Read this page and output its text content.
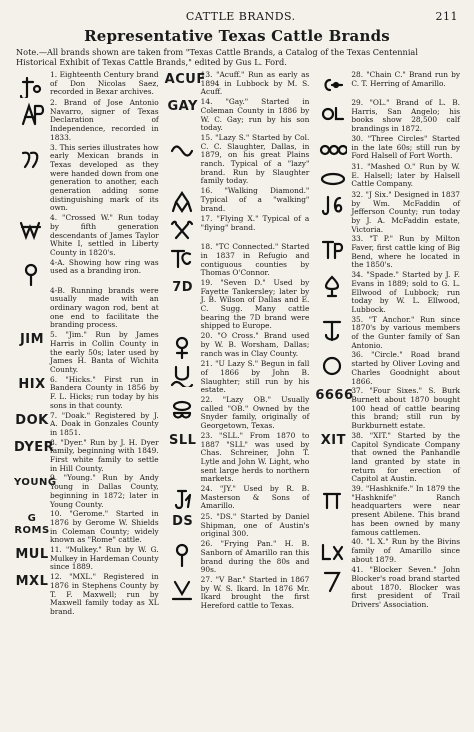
CATTLE BRANDS.	211
Representative Texas Cattle Brands
Note.—All brands shown are taken from "Texas Cattle Brands, a Catalog of the Texas Centennial Historical Exhibit of Texas Cattle Brands," edited by Gus L. Ford.
1. Eighteenth Century brand of Don Nicolas Saez, recorded in Bexar archives.
2. Brand of Jose Antonio Navarro, signer of Texas Declaration of Independence, recorded in 1833.
3. This series illustrates how early Mexican brands in Texas developed as they were handed down from one generation to another, each generation adding some distinguishing mark of its own.
4. "Crossed W." Run today by fifth generation descendants of James Taylor White I, settled in Liberty County in 1820's.
4-A. Showing how ring was used as a branding iron.
4-B. Running brands were usually made with an ordinary wagon rod, bent at one end to facilitate the branding process.
JIM 5. "Jim." Run by James Harris in Collin County in the early 50s; later used by James H. Banta of Wichita County.
HIX 6. "Hicks." First run in Bandera County in 1856 by F. L. Hicks; run today by his sons in that county.
DOK 7. "Doak." Registered by J. A. Doak in Gonzales County in 1851.
DYER
8. "Dyer." Run by J. H. Dyer family, beginning with 1849. First white family to settle in Hill County.
YOUNG
9. "Young." Run by Andy Young in Dallas County, beginning in 1872; later in Young County.
G ROMS
10. "Gerome." Started in 1876 by Gerome W. Shields in Coleman County; widely known as "Rome" cattle.
MUL 11. "Mulkey." Run by W. G. Mulkey in Hardeman County since 1889.
MXL 12. "MXL." Registered in 1876 in Stephens County by T. F. Maxwell; run by Maxwell family today as XL brand.
ACUF
13. "Acuff." Run as early as 1894 in Lubbock by M. S. Acuff.
GAY 14. "Gay." Started in Coleman County in 1886 by W. C. Gay; run by his son today.
15. "Lazy S." Started by Col. C. C. Slaughter, Dallas, in 1879, on his great Plains ranch. Typical of a "lazy" brand. Run by Slaughter family today.
16. "Walking Diamond." Typical of a "walking" brand.
17. "Flying X." Typical of a "flying" brand.
18. "TC Connected." Started in 1837 in Refugio and contiguous counties by Thomas O'Connor.
7D	19. "Seven D." Used by Fayette Tankersley; later by J. B. Wilson of Dallas and E. C. Sugg. Many cattle bearing the 7D brand were shipped to Europe.
20. "O Cross." Brand used by W. B. Worsham, Dallas; ranch was in Clay County.
21. "U Lazy S." Begun in fall of 1866 by John B. Slaughter; still run by his estate.
22. "Lazy OB." Usually called "OB." Owned by the Snyder family, originally of Georgetown, Texas.
SLL 23. "SLL." From 1870 to 1887 "SLL" was used by Chas. Schreiner, John T. Lytle and John W. Light, who sent large herds to northern markets.
24. "JY." Used by R. B. Masterson & Sons of Amarillo.
DS	25. "DS." Started by Daniel Shipman, one of Austin's original 300.
26. "Frying Pan." H. B. Sanborn of Amarillo ran this brand during the 80s and 90s.
27. "V Bar." Started in 1867 by W. S. Ikard. In 1876 Mr. Ikard brought the first Hereford cattle to Texas.
28. "Chain C." Brand run by C. T. Herring of Amarillo.
29. "OL." Brand of L. B. Harris, San Angelo; his books show 28,500 calf brandings in 1872.
30. "Three Circles" Started in the late 60s; still run by Ford Halsell of Fort Worth.
31. "Mashed O." Run by W. E. Halsell; later by Halsell Cattle Company.
32. "J Six." Designed in 1837 by Wm. McFaddin of Jefferson County; run today by J. A. McFaddin estate, Victoria.
33. "T P." Run by Milton Faver, first cattle king of Big Bend, where he located in the 1850's.
34. "Spade." Started by J. F. Evans in 1889; sold to G. L. Ellwood of Lubbock; run today by W. L. Ellwood, Lubbock.
35. "T Anchor." Run since 1870's by various members of the Gunter family of San Antonio.
36. "Circle." Road brand started by Oliver Loving and Charles Goodnight about 1866.
6666
37. "Four Sixes." S. Burk Burnett about 1870 bought 100 head of cattle bearing this brand; still run by Burkburnett estate.
XIT 38. "XIT." Started by the Capitol Syndicate Company that owned the Panhandle land granted by state in return for erection of Capitol at Austin.
39. "Hashknife." In 1879 the "Hashknife" Ranch headquarters were near present Abilene. This brand has been owned by many famous cattlemen.
40. "L X." Run by the Bivins family of Amarillo since about 1879.
41. "Blocker Seven." John Blocker's road brand started about 1870. Blocker was first president of Trail Drivers' Association.
